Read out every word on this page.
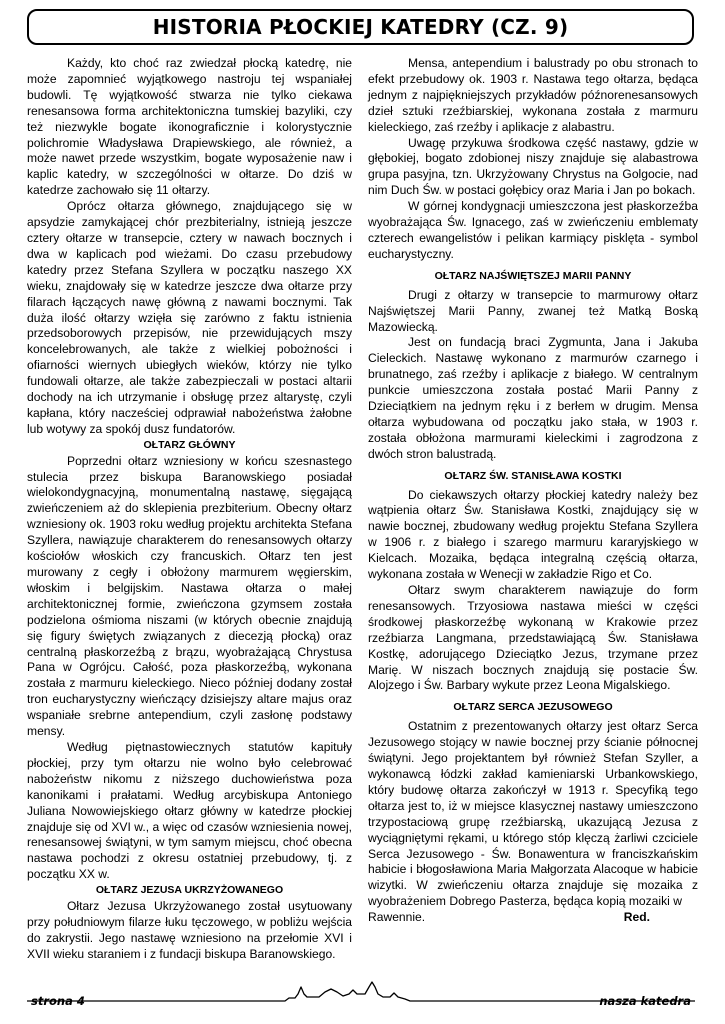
HISTORIA PŁOCKIEJ KATEDRY (CZ. 9)

Każdy, kto choć raz zwiedzał płocką katedrę, nie może zapomnieć wyjątkowego nastroju tej wspaniałej budowli. Tę wyjątkowość stwarza nie tylko ciekawa renesansowa forma architektoniczna tumskiej bazyliki, czy też niezwykle bogate ikonograficznie i kolorystycznie polichromie Władysława Drapiewskiego, ale również, a może nawet przede wszystkim, bogate wyposażenie naw i kaplic katedry, w szczególności w ołtarze. Do dziś w katedrze zachowało się 11 ołtarzy.

Oprócz ołtarza głównego, znajdującego się w apsydzie zamykającej chór prezbiterialny, istnieją jeszcze cztery ołtarze w transepcie, cztery w nawach bocznych i dwa w kaplicach pod wieżami. Do czasu przebudowy katedry przez Stefana Szyllera w początku naszego XX wieku, znajdowały się w katedrze jeszcze dwa ołtarze przy filarach łączących nawę główną z nawami bocznymi. Tak duża ilość ołtarzy wzięła się zarówno z faktu istnienia przedsoborowych przepisów, nie przewidujących mszy koncelebrowanych, ale także z wielkiej pobożności i ofiarności wiernych ubiegłych wieków, którzy nie tylko fundowali ołtarze, ale także zabezpieczali w postaci altarii dochody na ich utrzymanie i obsługę przez altarystę, czyli kapłana, który nacześciej odprawiał nabożeństwa żałobne lub wotywy za spokój dusz fundatorów.

OŁTARZ GŁÓWNY

Poprzedni ołtarz wzniesiony w końcu szesnastego stulecia przez biskupa Baranowskiego posiadał wielokondygnacyjną, monumentalną nastawę, sięgającą zwieńczeniem aż do sklepienia prezbiterium. Obecny ołtarz wzniesiony ok. 1903 roku według projektu architekta Stefana Szyllera, nawiązuje charakterem do renesansowych ołtarzy kościołów włoskich czy francuskich. Ołtarz ten jest murowany z cegły i obłożony marmurem węgierskim, włoskim i belgijskim. Nastawa ołtarza o małej architektonicznej formie, zwieńczona gzymsem została podzielona ośmioma niszami (w których obecnie znajdują się figury świętych związanych z diecezją płocką) oraz centralną płaskorzeźbą z brązu, wyobrażającą Chrystusa Pana w Ogrójcu. Całość, poza płaskorzeźbą, wykonana została z marmuru kieleckiego. Nieco później dodany został tron eucharystyczny wieńczący dzisiejszy altare majus oraz wspaniałe srebrne antependium, czyli zasłonę podstawy mensy.

Według piętnastowiecznych statutów kapituły płockiej, przy tym ołtarzu nie wolno było celebrować nabożeństw nikomu z niższego duchowieństwa poza kanonikami i prałatami. Według arcybiskupa Antoniego Juliana Nowowiejskiego ołtarz główny w katedrze płockiej znajduje się od XVI w., a więc od czasów wzniesienia nowej, renesansowej świątyni, w tym samym miejscu, choć obecna nastawa pochodzi z okresu ostatniej przebudowy, tj. z początku XX w.

OŁTARZ JEZUSA UKRZYŻOWANEGO

Ołtarz Jezusa Ukrzyżowanego został usytuowany przy południowym filarze łuku tęczowego, w pobliżu wejścia do zakrystii. Jego nastawę wzniesiono na przełomie XVI i XVII wieku staraniem i z fundacji biskupa Baranowskiego.

Mensa, antependium i balustrady po obu stronach to efekt przebudowy ok. 1903 r. Nastawa tego ołtarza, będąca jednym z najpiękniejszych przykładów późnorenesansowych dzieł sztuki rzeźbiarskiej, wykonana została z marmuru kieleckiego, zaś rzeźby i aplikacje z alabastru.

Uwagę przykuwa środkowa część nastawy, gdzie w głębokiej, bogato zdobionej niszy znajduje się alabastrowa grupa pasyjna, tzn. Ukrzyżowany Chrystus na Golgocie, nad nim Duch Św. w postaci gołębicy oraz Maria i Jan po bokach.

W górnej kondygnacji umieszczona jest płaskorzeźba wyobrażająca Św. Ignacego, zaś w zwieńczeniu emblematy czterech ewangelistów i pelikan karmiący pisklęta - symbol eucharystyczny.

OŁTARZ NAJŚWIĘTSZEJ MARII PANNY

Drugi z ołtarzy w transepcie to marmurowy ołtarz Najświętszej Marii Panny, zwanej też Matką Boską Mazowiecką.

Jest on fundacją braci Zygmunta, Jana i Jakuba Cieleckich. Nastawę wykonano z marmurów czarnego i brunatnego, zaś rzeźby i aplikacje z białego. W centralnym punkcie umieszczona została postać Marii Panny z Dzieciątkiem na jednym ręku i z berłem w drugim. Mensa ołtarza wybudowana od początku jako stała, w 1903 r. została obłożona marmurami kieleckimi i zagrodzona z dwóch stron balustradą.

OŁTARZ ŚW. STANISŁAWA KOSTKI

Do ciekawszych ołtarzy płockiej katedry należy bez wątpienia ołtarz Św. Stanisława Kostki, znajdujący się w nawie bocznej, zbudowany według projektu Stefana Szyllera w 1906 r. z białego i szarego marmuru kararyjskiego w Kielcach. Mozaika, będąca integralną częścią ołtarza, wykonana została w Wenecji w zakładzie Rigo et Co.

Ołtarz swym charakterem nawiązuje do form renesansowych. Trzyosiowa nastawa mieści w części środkowej płaskorzeźbę wykonaną w Krakowie przez rzeźbiarza Langmana, przedstawiającą Św. Stanisława Kostkę, adorującego Dzieciątko Jezus, trzymane przez Marię. W niszach bocznych znajdują się postacie Św. Alojzego i Św. Barbary wykute przez Leona Migalskiego.

OŁTARZ SERCA JEZUSOWEGO

Ostatnim z prezentowanych ołtarzy jest ołtarz Serca Jezusowego stojący w nawie bocznej przy ścianie północnej świątyni. Jego projektantem był również Stefan Szyller, a wykonawcą łódzki zakład kamieniarski Urbankowskiego, który budowę ołtarza zakończył w 1913 r. Specyfiką tego ołtarza jest to, iż w miejsce klasycznej nastawy umieszczono trzypostaciową grupę rzeźbiarską, ukazującą Jezusa z wyciągniętymi rękami, u którego stóp klęczą żarliwi czciciele Serca Jezusowego - Św. Bonawentura w franciszkańskim habicie i błogosławiona Maria Małgorzata Alacoque w habicie wizytki. W zwieńczeniu ołtarza znajduje się mozaika z wyobrażeniem Dobrego Pasterza, będąca kopią mozaiki w

Rawennie.	Red.
strona 4	nasza katedra
